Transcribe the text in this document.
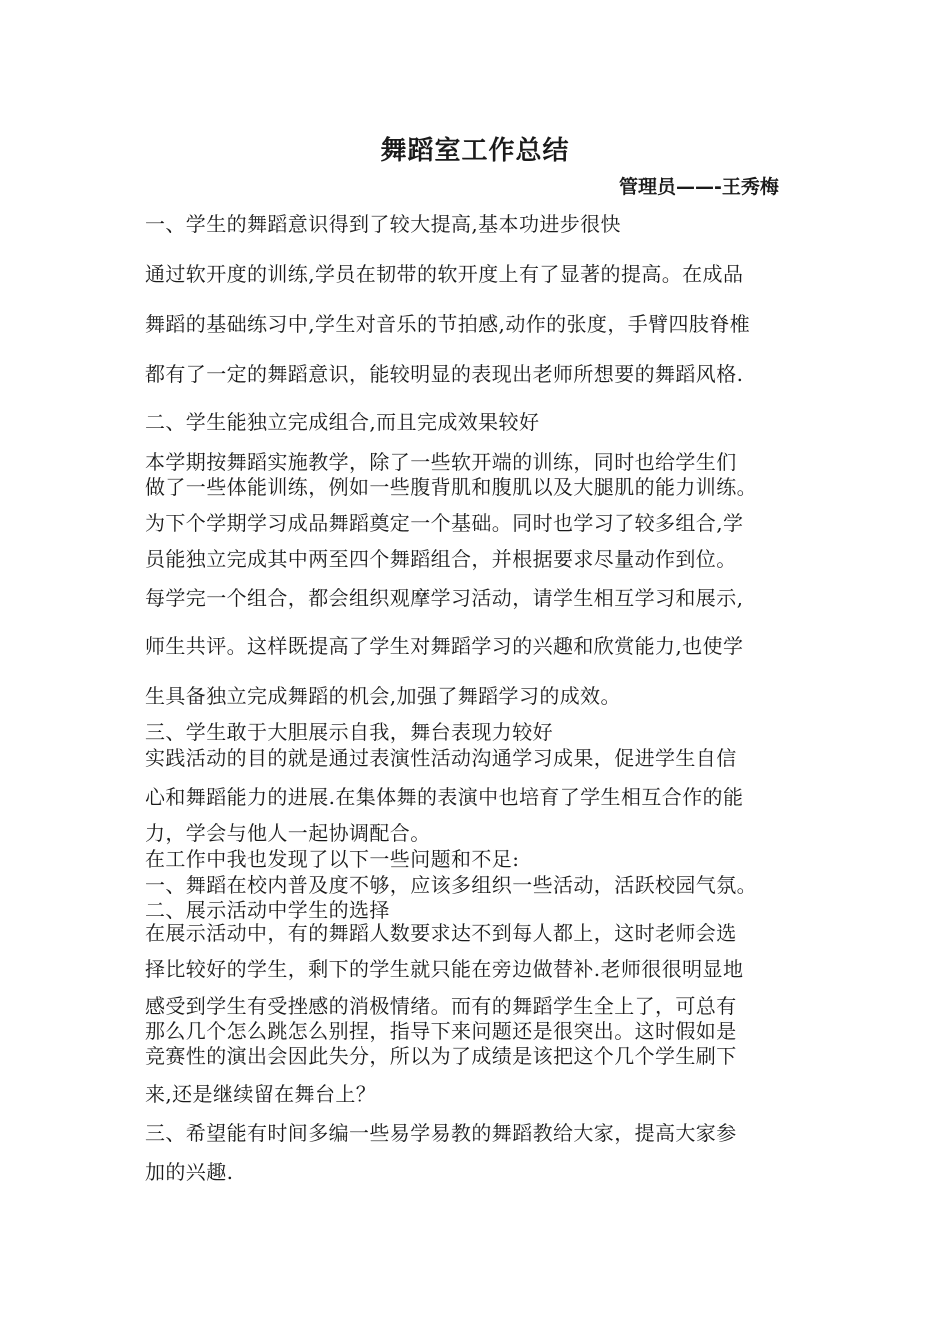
舞蹈室工作总结
管理员——-王秀梅
一、学生的舞蹈意识得到了较大提高,基本功进步很快
通过软开度的训练,学员在韧带的软开度上有了显著的提高。在成品
舞蹈的基础练习中,学生对音乐的节拍感,动作的张度，手臂四肢脊椎
都有了一定的舞蹈意识，能较明显的表现出老师所想要的舞蹈风格.
二、学生能独立完成组合,而且完成效果较好
本学期按舞蹈实施教学，除了一些软开端的训练，同时也给学生们
做了一些体能训练，例如一些腹背肌和腹肌以及大腿肌的能力训练。
为下个学期学习成品舞蹈奠定一个基础。同时也学习了较多组合,学
员能独立完成其中两至四个舞蹈组合，并根据要求尽量动作到位。
每学完一个组合，都会组织观摩学习活动，请学生相互学习和展示,
师生共评。这样既提高了学生对舞蹈学习的兴趣和欣赏能力,也使学
生具备独立完成舞蹈的机会,加强了舞蹈学习的成效。
三、学生敢于大胆展示自我，舞台表现力较好
实践活动的目的就是通过表演性活动沟通学习成果，促进学生自信
心和舞蹈能力的进展.在集体舞的表演中也培育了学生相互合作的能
力，学会与他人一起协调配合。
在工作中我也发现了以下一些问题和不足:
一、舞蹈在校内普及度不够，应该多组织一些活动，活跃校园气氛。
二、展示活动中学生的选择
在展示活动中，有的舞蹈人数要求达不到每人都上，这时老师会选
择比较好的学生，剩下的学生就只能在旁边做替补.老师很很明显地
感受到学生有受挫感的消极情绪。而有的舞蹈学生全上了，可总有
那么几个怎么跳怎么别捏，指导下来问题还是很突出。这时假如是
竞赛性的演出会因此失分，所以为了成绩是该把这个几个学生刷下
来,还是继续留在舞台上？
三、希望能有时间多编一些易学易教的舞蹈教给大家，提高大家参
加的兴趣.
